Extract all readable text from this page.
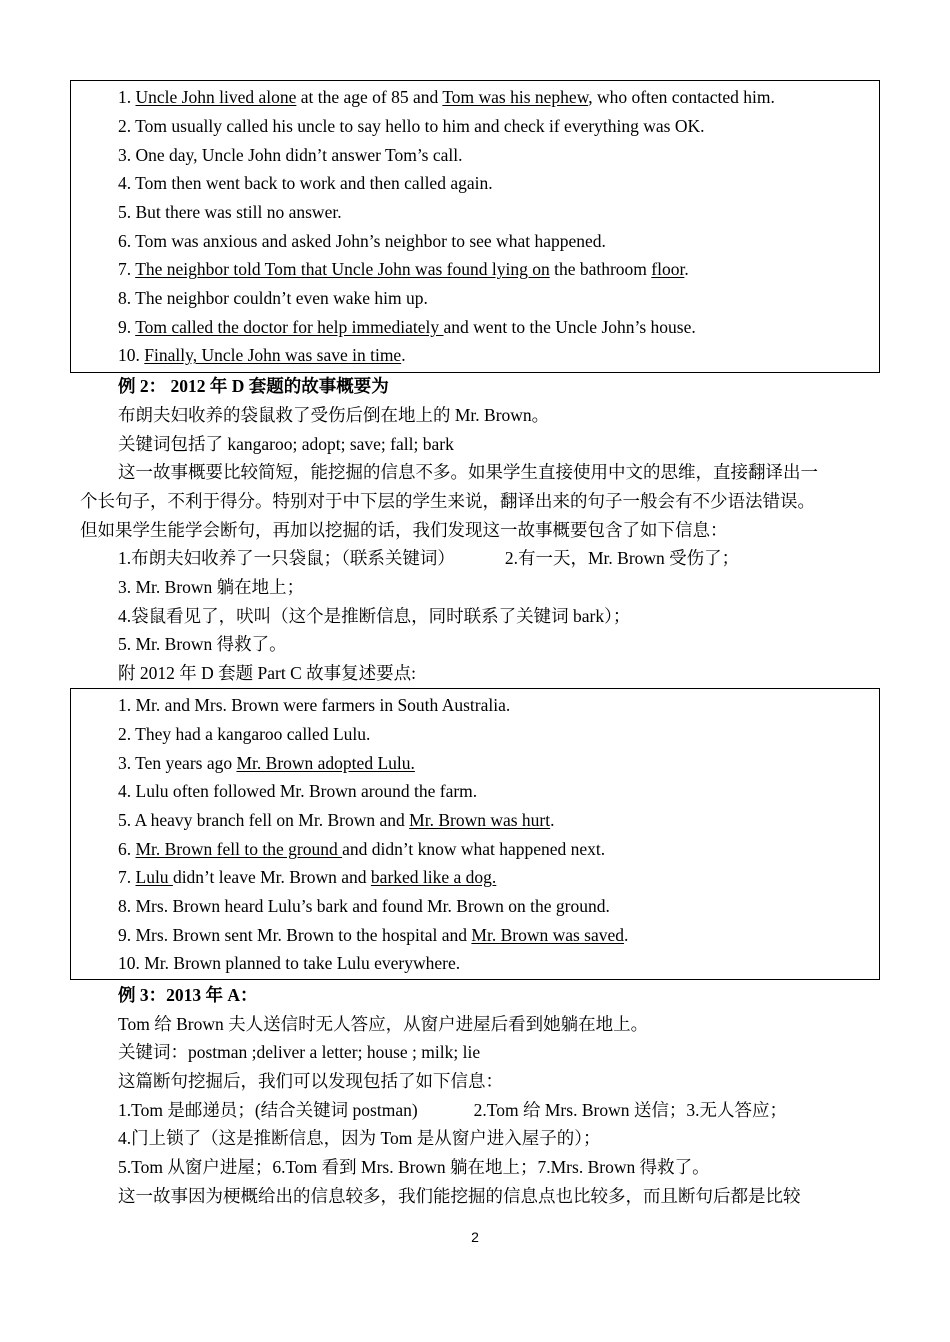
1. Uncle John lived alone at the age of 85 and Tom was his nephew, who often contacted him.
2. Tom usually called his uncle to say hello to him and check if everything was OK.
3. One day, Uncle John didn’t answer Tom’s call.
4. Tom then went back to work and then called again.
5. But there was still no answer.
6. Tom was anxious and asked John’s neighbor to see what happened.
7. The neighbor told Tom that Uncle John was found lying on the bathroom floor.
8. The neighbor couldn’t even wake him up.
9. Tom called the doctor for help immediately and went to the Uncle John’s house.
10. Finally, Uncle John was save in time.
例 2： 2012 年 D 套题的故事概要为
布朗夫妇收养的袋鼠救了受伤后倒在地上的 Mr. Brown。
关键词包括了 kangaroo; adopt; save; fall; bark
这一故事概要比较简短，能挖掘的信息不多。如果学生直接使用中文的思维，直接翻译出一
个长句子，不利于得分。特别对于中下层的学生来说，翻译出来的句子一般会有不少语法错误。
但如果学生能学会断句，再加以挖掘的话，我们发现这一故事概要包含了如下信息：
1.布朗夫妇收养了一只袋鼠；（联系关键词）	2.有一天，Mr. Brown 受伤了；
3. Mr. Brown 躺在地上；
4.袋鼠看见了，吠叫（这个是推断信息，同时联系了关键词 bark）；
5. Mr. Brown 得救了。
附 2012 年 D 套题 Part C 故事复述要点:
1. Mr. and Mrs. Brown were farmers in South Australia.
2. They had a kangaroo called Lulu.
3. Ten years ago Mr. Brown adopted Lulu.
4. Lulu often followed Mr. Brown around the farm.
5. A heavy branch fell on Mr. Brown and Mr. Brown was hurt.
6. Mr. Brown fell to the ground and didn’t know what happened next.
7. Lulu didn’t leave Mr. Brown and barked like a dog.
8. Mrs. Brown heard Lulu’s bark and found Mr. Brown on the ground.
9. Mrs. Brown sent Mr. Brown to the hospital and Mr. Brown was saved.
10. Mr. Brown planned to take Lulu everywhere.
例 3：2013 年 A：
Tom 给 Brown 夫人送信时无人答应，从窗户进屋后看到她躺在地上。
关键词：postman ;deliver a letter; house ; milk; lie
这篇断句挖掘后，我们可以发现包括了如下信息：
1.Tom 是邮递员；(结合关键词 postman)	2.Tom 给 Mrs. Brown 送信；3.无人答应；
4.门上锁了（这是推断信息，因为 Tom 是从窗户进入屋子的）；
5.Tom 从窗户进屋；6.Tom 看到 Mrs. Brown 躺在地上；7.Mrs. Brown 得救了。
这一故事因为梗概给出的信息较多，我们能挖掘的信息点也比较多，而且断句后都是比较
2
